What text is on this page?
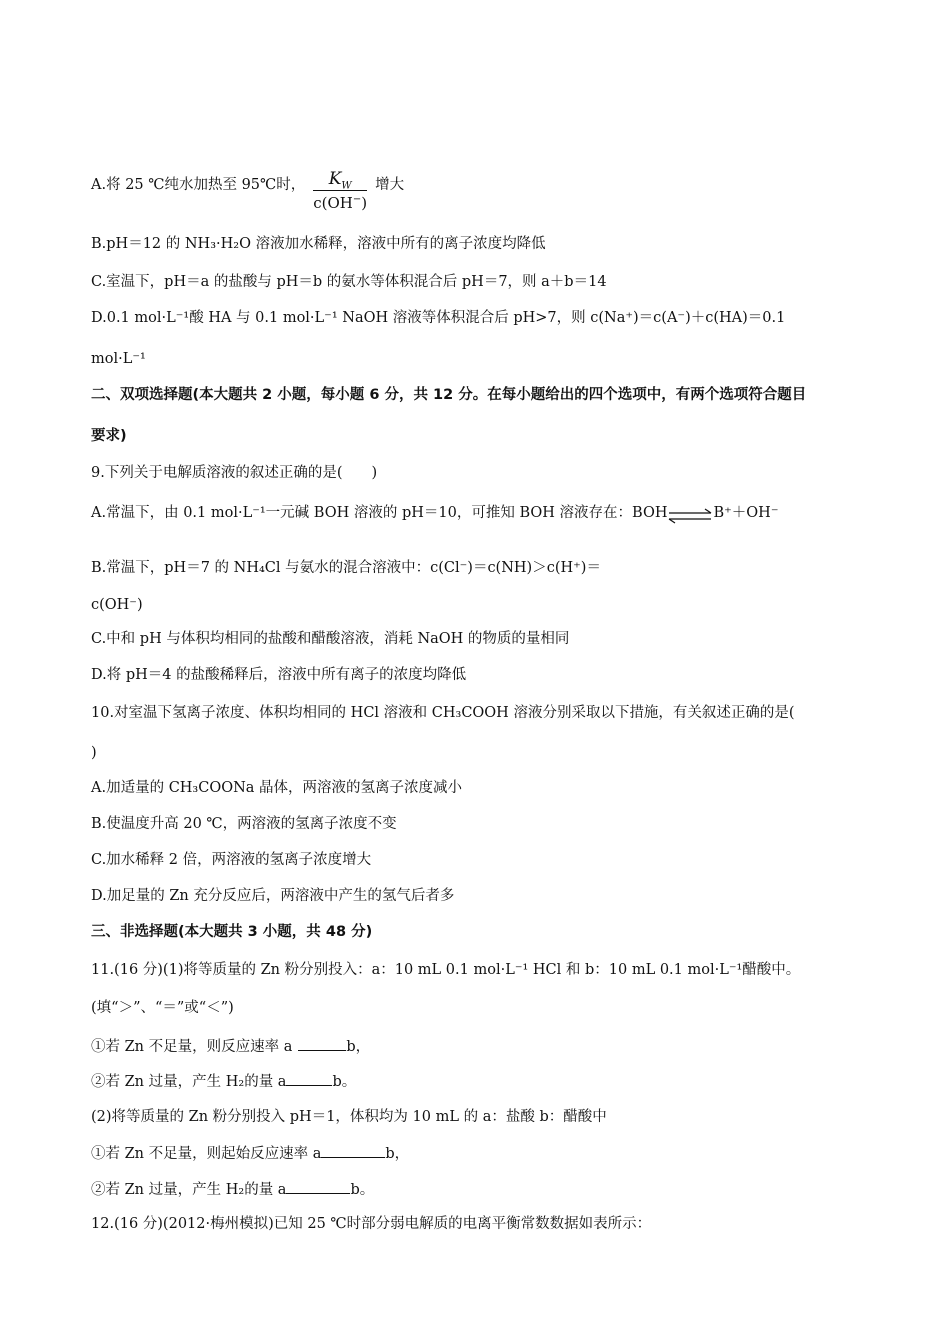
A.将 25 ℃纯水加热至 95℃时， $\frac{K_W}{c(OH^-)}$ 增大
B.pH＝12 的 NH₃·H₂O 溶液加水稀释，溶液中所有的离子浓度均降低
C.室温下，pH＝a 的盐酸与 pH＝b 的氨水等体积混合后 pH＝7，则 a＋b＝14
D.0.1 mol·L⁻¹酸 HA 与 0.1 mol·L⁻¹ NaOH 溶液等体积混合后 pH>7，则 c(Na⁺)＝c(A⁻)＋c(HA)＝0.1
mol·L⁻¹
二、双项选择题(本大题共 2 小题，每小题 6 分，共 12 分。在每小题给出的四个选项中，有两个选项符合题目
要求)
9.下列关于电解质溶液的叙述正确的是(　　)
A.常温下，由 0.1 mol·L⁻¹一元碱 BOH 溶液的 pH＝10，可推知 BOH 溶液存在：BOH⇌B⁺＋OH⁻
B.常温下，pH＝7 的 NH₄Cl 与氨水的混合溶液中：c(Cl⁻)＝c(NH)＞c(H⁺)＝
c(OH⁻)
C.中和 pH 与体积均相同的盐酸和醋酸溶液，消耗 NaOH 的物质的量相同
D.将 pH＝4 的盐酸稀释后，溶液中所有离子的浓度均降低
10.对室温下氢离子浓度、体积均相同的 HCl 溶液和 CH₃COOH 溶液分别采取以下措施，有关叙述正确的是(
)
A.加适量的 CH₃COONa 晶体，两溶液的氢离子浓度减小
B.使温度升高 20 ℃，两溶液的氢离子浓度不变
C.加水稀释 2 倍，两溶液的氢离子浓度增大
D.加足量的 Zn 充分反应后，两溶液中产生的氢气后者多
三、非选择题(本大题共 3 小题，共 48 分)
11.(16 分)(1)将等质量的 Zn 粉分别投入：a：10 mL 0.1 mol·L⁻¹ HCl 和 b：10 mL 0.1 mol·L⁻¹醋酸中。
(填“＞”、“＝”或“＜”)
①若 Zn 不足量，则反应速率 a	b，
②若 Zn 过量，产生 H₂的量 a	b。
(2)将等质量的 Zn 粉分别投入 pH＝1，体积均为 10 mL 的 a：盐酸 b：醋酸中
①若 Zn 不足量，则起始反应速率 a	b，
②若 Zn 过量，产生 H₂的量 a	b。
12.(16 分)(2012·梅州模拟)已知 25 ℃时部分弱电解质的电离平衡常数数据如表所示：
